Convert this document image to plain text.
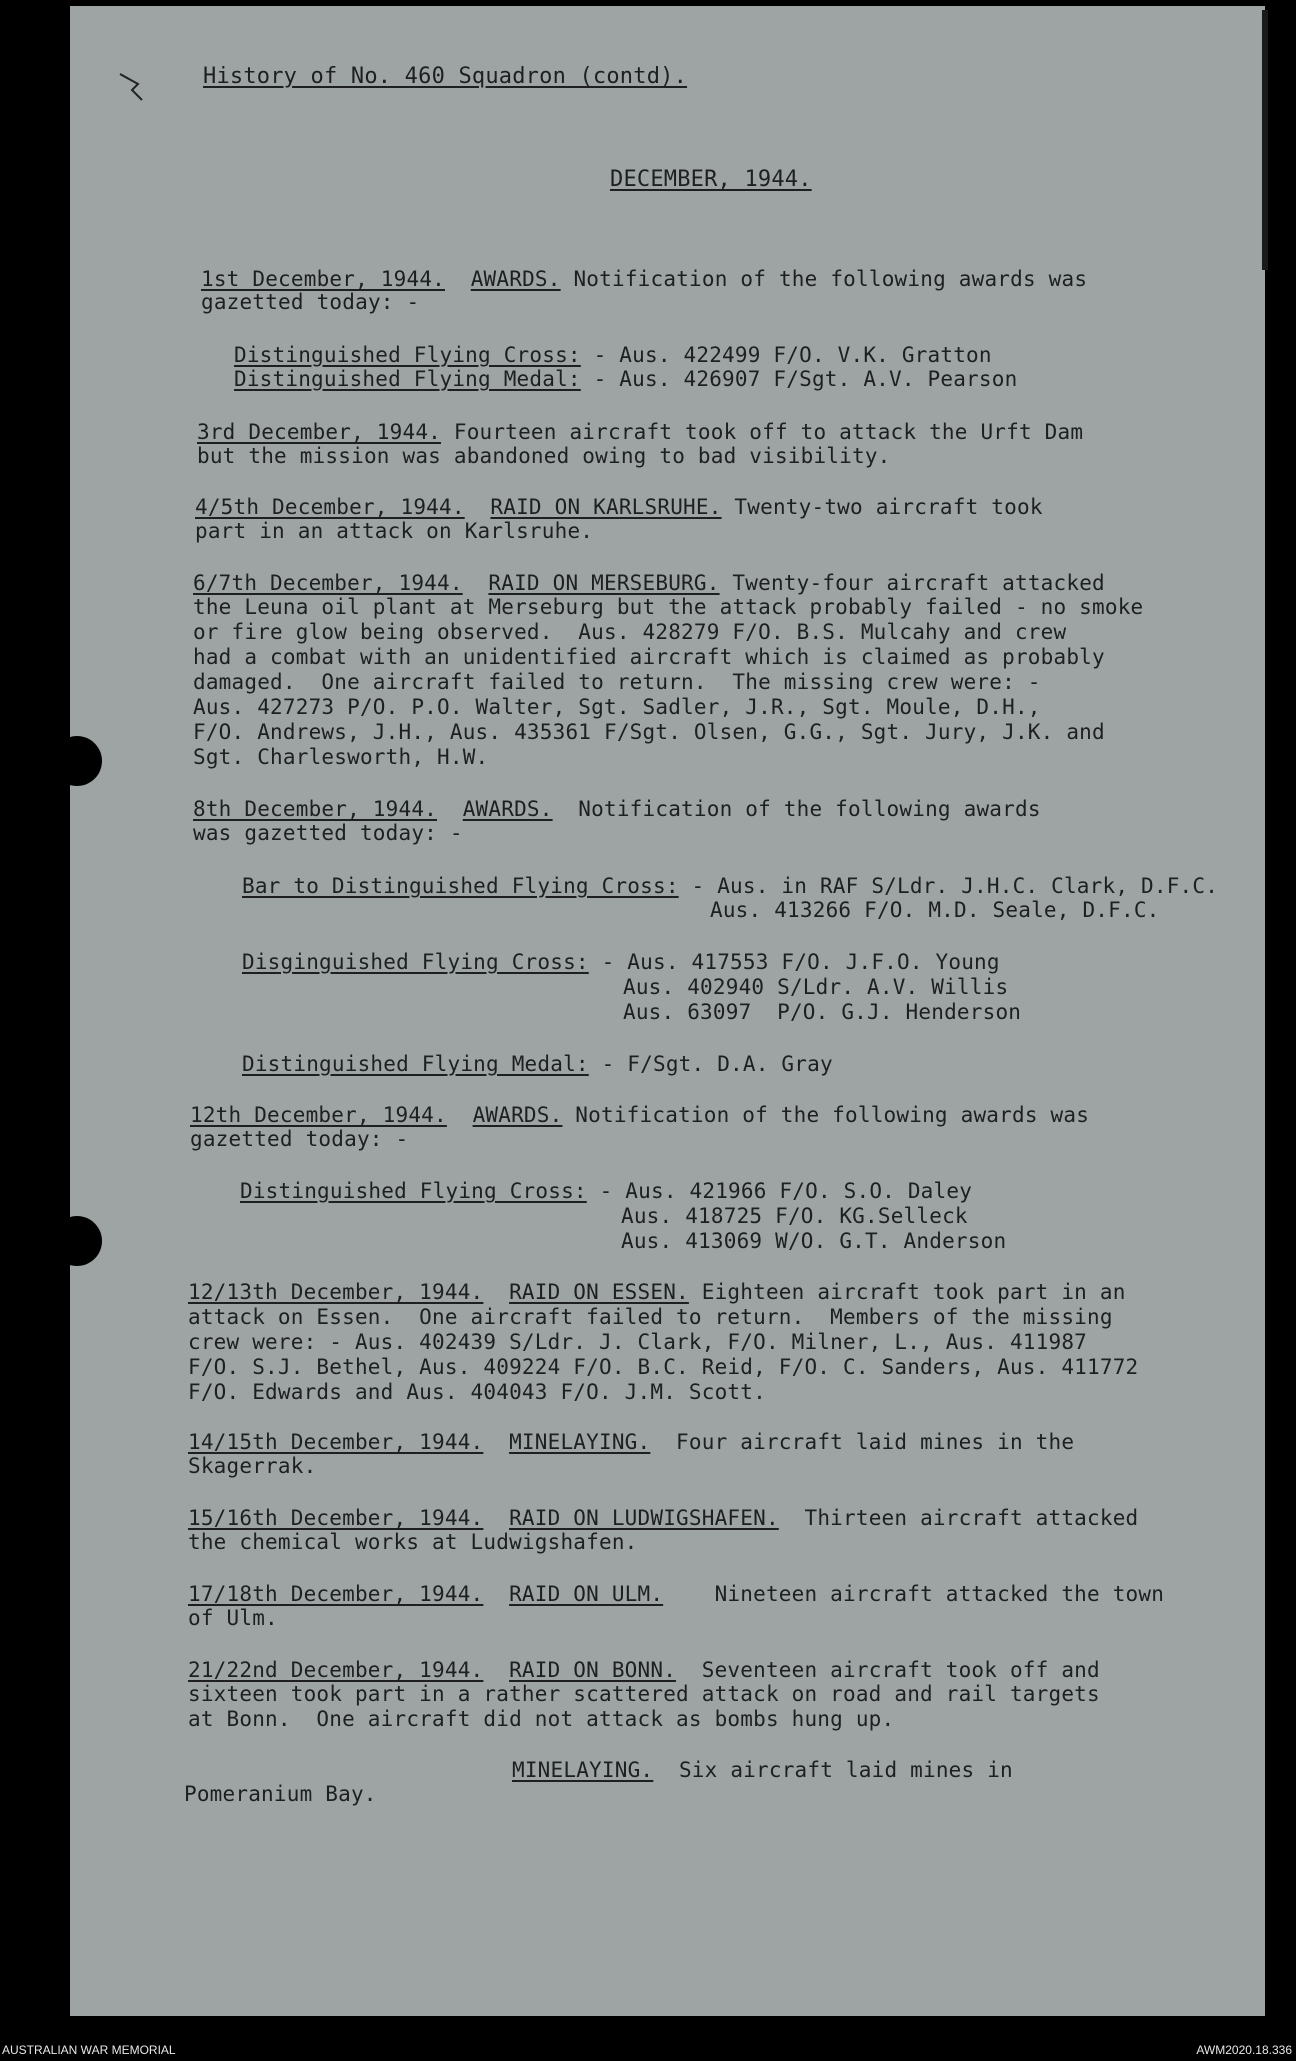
History of No. 460 Squadron (contd).
DECEMBER, 1944.
1st December, 1944. AWARDS. Notification of the following awards was
gazetted today: -
Distinguished Flying Cross: - Aus. 422499 F/O. V.K. Gratton
Distinguished Flying Medal: - Aus. 426907 F/Sgt. A.V. Pearson
3rd December, 1944. Fourteen aircraft took off to attack the Urft Dam
but the mission was abandoned owing to bad visibility.
4/5th December, 1944. RAID ON KARLSRUHE. Twenty-two aircraft took
part in an attack on Karlsruhe.
6/7th December, 1944. RAID ON MERSEBURG. Twenty-four aircraft attacked
the Leuna oil plant at Merseburg but the attack probably failed - no smoke
or fire glow being observed.  Aus. 428279 F/O. B.S. Mulcahy and crew
had a combat with an unidentified aircraft which is claimed as probably
damaged.  One aircraft failed to return.  The missing crew were: -
Aus. 427273 P/O. P.O. Walter, Sgt. Sadler, J.R., Sgt. Moule, D.H.,
F/O. Andrews, J.H., Aus. 435361 F/Sgt. Olsen, G.G., Sgt. Jury, J.K. and
Sgt. Charlesworth, H.W.
8th December, 1944. AWARDS.  Notification of the following awards
was gazetted today: -
Bar to Distinguished Flying Cross: - Aus. in RAF S/Ldr. J.H.C. Clark, D.F.C.
Aus. 413266 F/O. M.D. Seale, D.F.C.
Disginguished Flying Cross: - Aus. 417553 F/O. J.F.O. Young
Aus. 402940 S/Ldr. A.V. Willis
Aus. 63097  P/O. G.J. Henderson
Distinguished Flying Medal: - F/Sgt. D.A. Gray
12th December, 1944. AWARDS. Notification of the following awards was
gazetted today: -
Distinguished Flying Cross: - Aus. 421966 F/O. S.O. Daley
Aus. 418725 F/O. KG.Selleck
Aus. 413069 W/O. G.T. Anderson
12/13th December, 1944. RAID ON ESSEN. Eighteen aircraft took part in an
attack on Essen.  One aircraft failed to return.  Members of the missing
crew were: - Aus. 402439 S/Ldr. J. Clark, F/O. Milner, L., Aus. 411987
F/O. S.J. Bethel, Aus. 409224 F/O. B.C. Reid, F/O. C. Sanders, Aus. 411772
F/O. Edwards and Aus. 404043 F/O. J.M. Scott.
14/15th December, 1944. MINELAYING.  Four aircraft laid mines in the
Skagerrak.
15/16th December, 1944. RAID ON LUDWIGSHAFEN.  Thirteen aircraft attacked
the chemical works at Ludwigshafen.
17/18th December, 1944. RAID ON ULM.    Nineteen aircraft attacked the town
of Ulm.
21/22nd December, 1944. RAID ON BONN.  Seventeen aircraft took off and
sixteen took part in a rather scattered attack on road and rail targets
at Bonn.  One aircraft did not attack as bombs hung up.
MINELAYING.  Six aircraft laid mines in
Pomeranium Bay.
AUSTRALIAN WAR MEMORIAL	AWM2020.18.336
